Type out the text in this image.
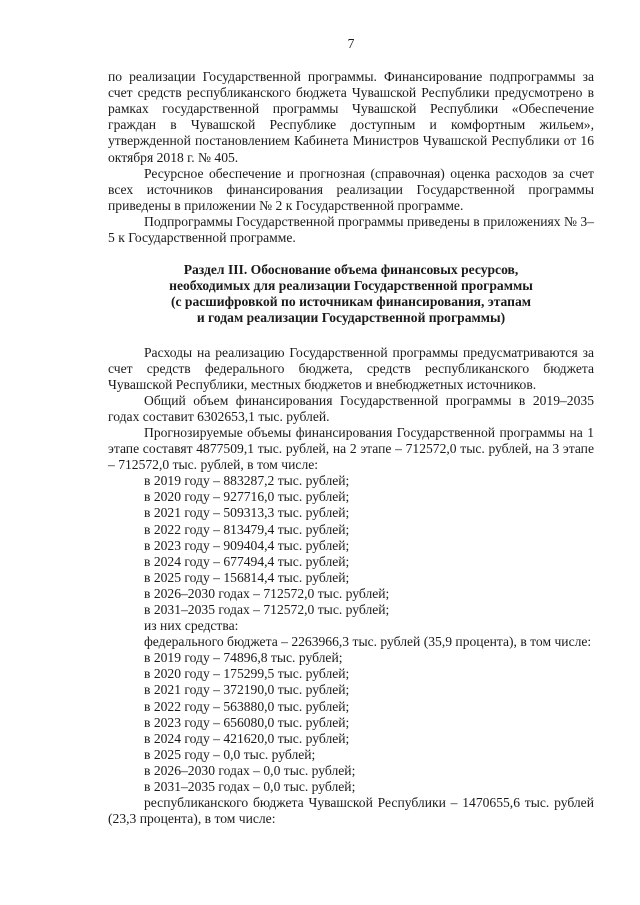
7

по реализации Государственной программы. Финансирование подпрограммы за счет средств республиканского бюджета Чувашской Республики предусмотрено в рамках государственной программы Чувашской Республики «Обеспечение граждан в Чувашской Республике доступным и комфортным жильем», утвержденной постановлением Кабинета Министров Чувашской Республики от 16 октября 2018 г. № 405.

Ресурсное обеспечение и прогнозная (справочная) оценка расходов за счет всех источников финансирования реализации Государственной программы приведены в приложении № 2 к Государственной программе.

Подпрограммы Государственной программы приведены в приложениях № 3–5 к Государственной программе.

Раздел III. Обоснование объема финансовых ресурсов,
необходимых для реализации Государственной программы
(с расшифровкой по источникам финансирования, этапам
и годам реализации Государственной программы)

Расходы на реализацию Государственной программы предусматриваются за счет средств федерального бюджета, средств республиканского бюджета Чувашской Республики, местных бюджетов и внебюджетных источников.

Общий объем финансирования Государственной программы в 2019–2035 годах составит 6302653,1 тыс. рублей.

Прогнозируемые объемы финансирования Государственной программы на 1 этапе составят 4877509,1 тыс. рублей, на 2 этапе – 712572,0 тыс. рублей, на 3 этапе – 712572,0 тыс. рублей, в том числе:

в 2019 году – 883287,2 тыс. рублей;

в 2020 году – 927716,0 тыс. рублей;

в 2021 году – 509313,3 тыс. рублей;

в 2022 году – 813479,4 тыс. рублей;

в 2023 году – 909404,4 тыс. рублей;

в 2024 году – 677494,4 тыс. рублей;

в 2025 году – 156814,4 тыс. рублей;

в 2026–2030 годах – 712572,0 тыс. рублей;

в 2031–2035 годах – 712572,0 тыс. рублей;

из них средства:

федерального бюджета – 2263966,3 тыс. рублей (35,9 процента), в том числе:

в 2019 году – 74896,8 тыс. рублей;

в 2020 году – 175299,5 тыс. рублей;

в 2021 году – 372190,0 тыс. рублей;

в 2022 году – 563880,0 тыс. рублей;

в 2023 году – 656080,0 тыс. рублей;

в 2024 году – 421620,0 тыс. рублей;

в 2025 году – 0,0 тыс. рублей;

в 2026–2030 годах – 0,0 тыс. рублей;

в 2031–2035 годах – 0,0 тыс. рублей;

республиканского бюджета Чувашской Республики – 1470655,6 тыс. рублей (23,3 процента), в том числе:
